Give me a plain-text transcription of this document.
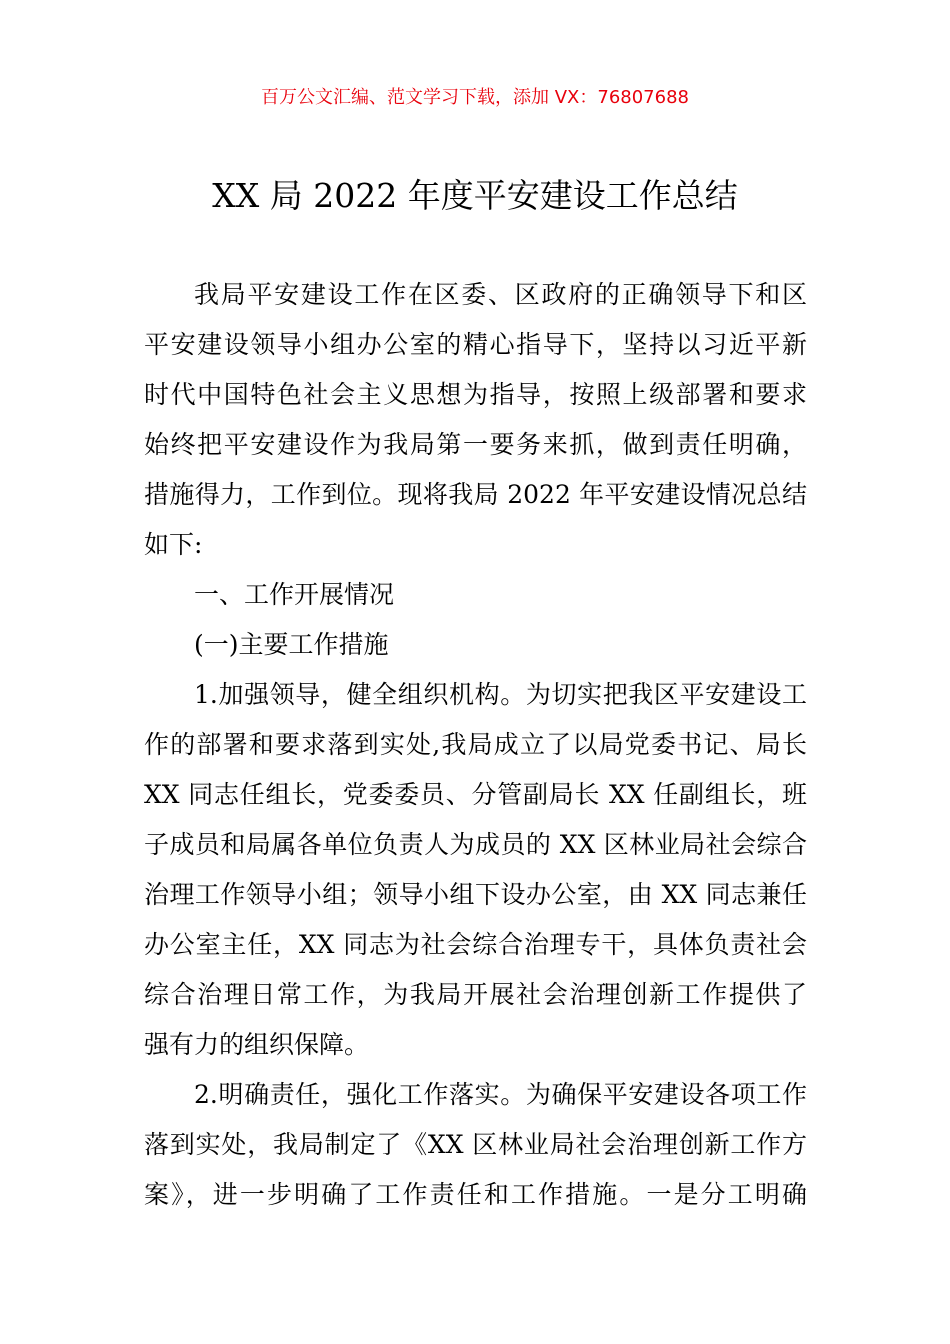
百万公文汇编、范文学习下载，添加 VX：76807688
XX 局 2022 年度平安建设工作总结
我局平安建设工作在区委、区政府的正确领导下和区
平安建设领导小组办公室的精心指导下，坚持以习近平新
时代中国特色社会主义思想为指导，按照上级部署和要求
始终把平安建设作为我局第一要务来抓，做到责任明确，
措施得力，工作到位。现将我局 2022 年平安建设情况总结
如下:
一、工作开展情况
(一)主要工作措施
1.加强领导，健全组织机构。为切实把我区平安建设工
作的部署和要求落到实处,我局成立了以局党委书记、局长
XX 同志任组长，党委委员、分管副局长 XX 任副组长，班
子成员和局属各单位负责人为成员的 XX 区林业局社会综合
治理工作领导小组；领导小组下设办公室，由 XX 同志兼任
办公室主任，XX 同志为社会综合治理专干，具体负责社会
综合治理日常工作，为我局开展社会治理创新工作提供了
强有力的组织保障。
2.明确责任，强化工作落实。为确保平安建设各项工作
落到实处，我局制定了《XX 区林业局社会治理创新工作方
案》，进一步明确了工作责任和工作措施。一是分工明确
